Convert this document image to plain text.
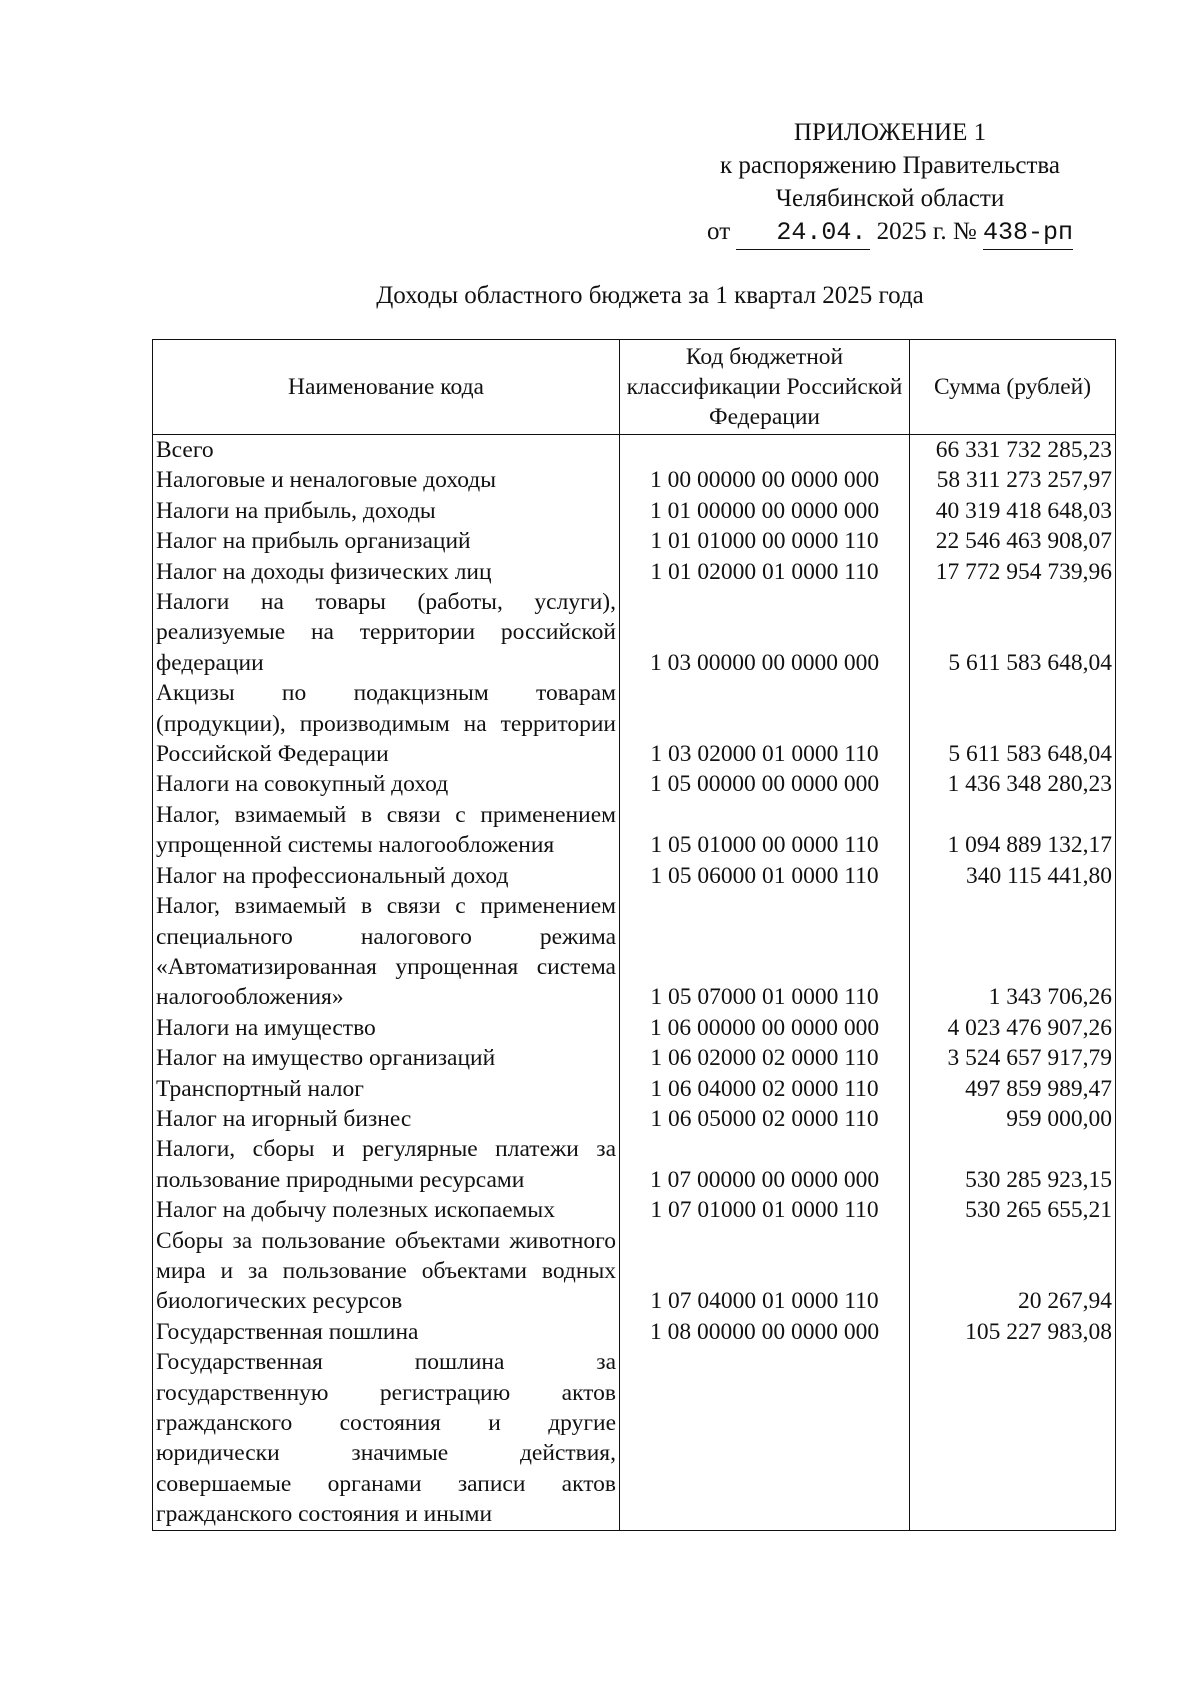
ПРИЛОЖЕНИЕ 1
к распоряжению Правительства
Челябинской области
от 24.04. 2025 г. № 438-рп
Доходы областного бюджета за 1 квартал 2025 года
Наименование кода	Код бюджетной классификации Российской Федерации	Сумма (рублей)
Всего		66 331 732 285,23
Налоговые и неналоговые доходы	1 00 00000 00 0000 000	58 311 273 257,97
Налоги на прибыль, доходы	1 01 00000 00 0000 000	40 319 418 648,03
Налог на прибыль организаций	1 01 01000 00 0000 110	22 546 463 908,07
Налог на доходы физических лиц	1 01 02000 01 0000 110	17 772 954 739,96
Налоги на товары (работы, услуги), реализуемые на территории российской федерации	1 03 00000 00 0000 000	5 611 583 648,04
Акцизы по подакцизным товарам (продукции), производимым на территории Российской Федерации	1 03 02000 01 0000 110	5 611 583 648,04
Налоги на совокупный доход	1 05 00000 00 0000 000	1 436 348 280,23
Налог, взимаемый в связи с применением упрощенной системы налогообложения	1 05 01000 00 0000 110	1 094 889 132,17
Налог на профессиональный доход	1 05 06000 01 0000 110	340 115 441,80
Налог, взимаемый в связи с применением специального налогового режима «Автоматизированная упрощенная система налогообложения»	1 05 07000 01 0000 110	1 343 706,26
Налоги на имущество	1 06 00000 00 0000 000	4 023 476 907,26
Налог на имущество организаций	1 06 02000 02 0000 110	3 524 657 917,79
Транспортный налог	1 06 04000 02 0000 110	497 859 989,47
Налог на игорный бизнес	1 06 05000 02 0000 110	959 000,00
Налоги, сборы и регулярные платежи за пользование природными ресурсами	1 07 00000 00 0000 000	530 285 923,15
Налог на добычу полезных ископаемых	1 07 01000 01 0000 110	530 265 655,21
Сборы за пользование объектами животного мира и за пользование объектами водных биологических ресурсов	1 07 04000 01 0000 110	20 267,94
Государственная пошлина	1 08 00000 00 0000 000	105 227 983,08
Государственная пошлина за государственную регистрацию актов гражданского состояния и другие юридически значимые действия, совершаемые органами записи актов гражданского состояния и иными		
